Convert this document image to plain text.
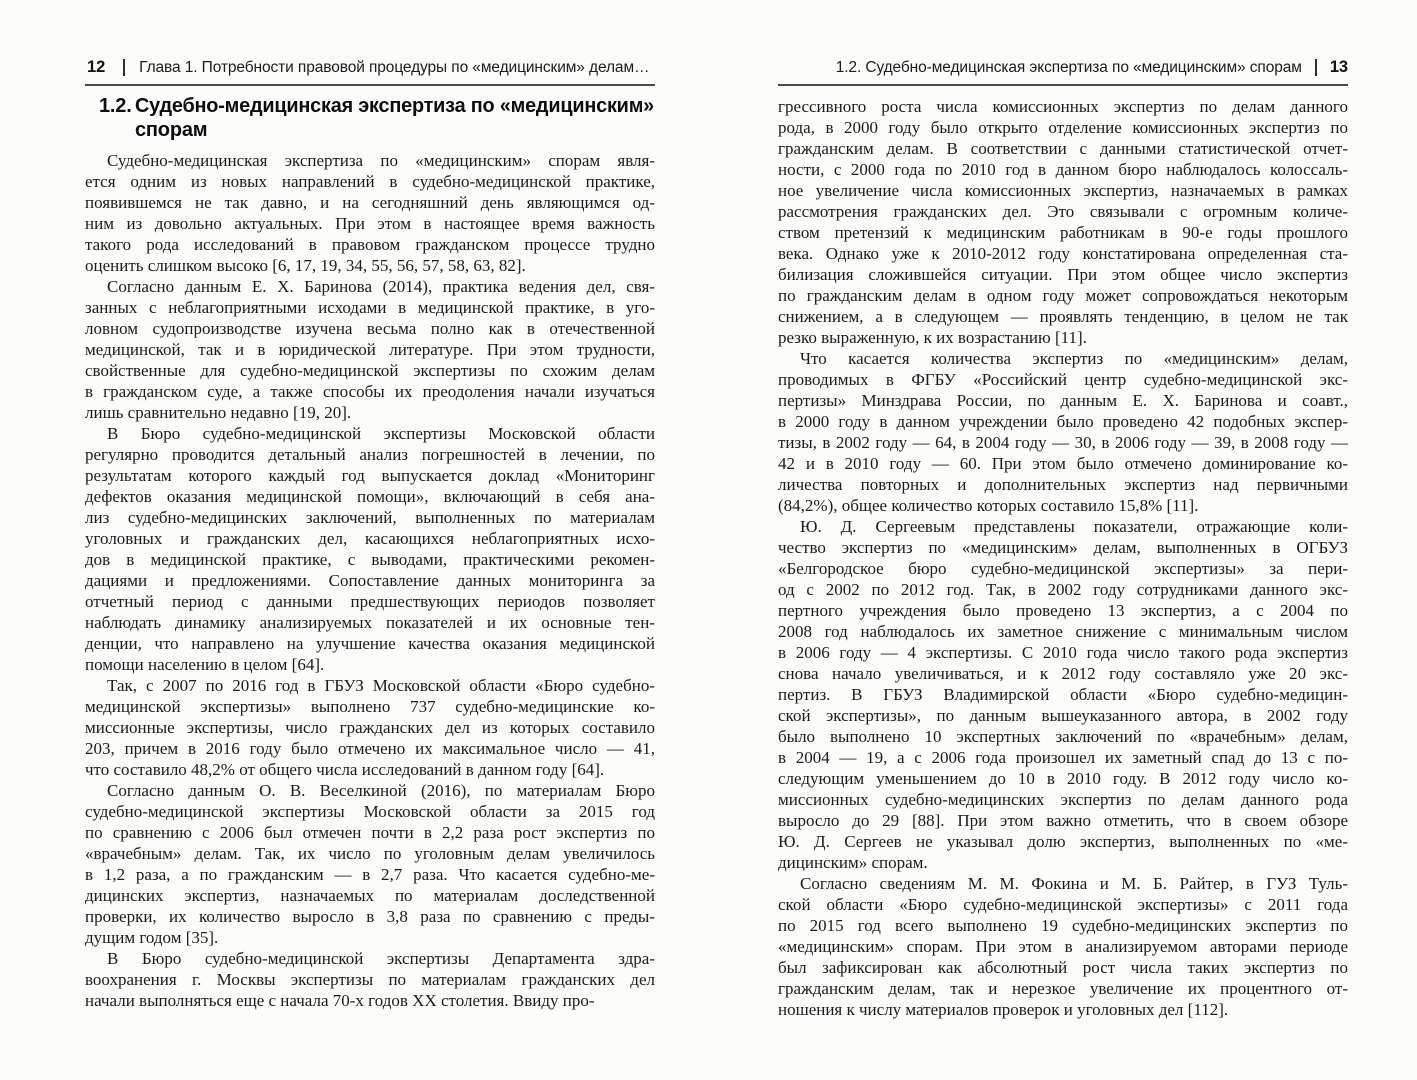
12 Глава 1. Потребности правовой процедуры по «медицинским» делам…
1.2. Судебно-медицинская экспертиза по «медицинским»
спорам
Судебно-медицинская экспертиза по «медицинским» спорам явля-
ется одним из новых направлений в судебно-медицинской практике,
появившемся не так давно, и на сегодняшний день являющимся од-
ним из довольно актуальных. При этом в настоящее время важность
такого рода исследований в правовом гражданском процессе трудно
оценить слишком высоко [6, 17, 19, 34, 55, 56, 57, 58, 63, 82].
Согласно данным Е. Х. Баринова (2014), практика ведения дел, свя-
занных с неблагоприятными исходами в медицинской практике, в уго-
ловном судопроизводстве изучена весьма полно как в отечественной
медицинской, так и в юридической литературе. При этом трудности,
свойственные для судебно-медицинской экспертизы по схожим делам
в гражданском суде, а также способы их преодоления начали изучаться
лишь сравнительно недавно [19, 20].
В Бюро судебно-медицинской экспертизы Московской области
регулярно проводится детальный анализ погрешностей в лечении, по
результатам которого каждый год выпускается доклад «Мониторинг
дефектов оказания медицинской помощи», включающий в себя ана-
лиз судебно-медицинских заключений, выполненных по материалам
уголовных и гражданских дел, касающихся неблагоприятных исхо-
дов в медицинской практике, с выводами, практическими рекомен-
дациями и предложениями. Сопоставление данных мониторинга за
отчетный период с данными предшествующих периодов позволяет
наблюдать динамику анализируемых показателей и их основные тен-
денции, что направлено на улучшение качества оказания медицинской
помощи населению в целом [64].
Так, с 2007 по 2016 год в ГБУЗ Московской области «Бюро судебно-
медицинской экспертизы» выполнено 737 судебно-медицинские ко-
миссионные экспертизы, число гражданских дел из которых составило
203, причем в 2016 году было отмечено их максимальное число — 41,
что составило 48,2% от общего числа исследований в данном году [64].
Согласно данным О. В. Веселкиной (2016), по материалам Бюро
судебно-медицинской экспертизы Московской области за 2015 год
по сравнению с 2006 был отмечен почти в 2,2 раза рост экспертиз по
«врачебным» делам. Так, их число по уголовным делам увеличилось
в 1,2 раза, а по гражданским — в 2,7 раза. Что касается судебно-ме-
дицинских экспертиз, назначаемых по материалам доследственной
проверки, их количество выросло в 3,8 раза по сравнению с преды-
дущим годом [35].
В Бюро судебно-медицинской экспертизы Департамента здра-
воохранения г. Москвы экспертизы по материалам гражданских дел
начали выполняться еще с начала 70-х годов XX столетия. Ввиду про-
1.2. Судебно-медицинская экспертиза по «медицинским» спорам 13
грессивного роста числа комиссионных экспертиз по делам данного
рода, в 2000 году было открыто отделение комиссионных экспертиз по
гражданским делам. В соответствии с данными статистической отчет-
ности, с 2000 года по 2010 год в данном бюро наблюдалось колоссаль-
ное увеличение числа комиссионных экспертиз, назначаемых в рамках
рассмотрения гражданских дел. Это связывали с огромным количе-
ством претензий к медицинским работникам в 90-е годы прошлого
века. Однако уже к 2010-2012 году констатирована определенная ста-
билизация сложившейся ситуации. При этом общее число экспертиз
по гражданским делам в одном году может сопровождаться некоторым
снижением, а в следующем — проявлять тенденцию, в целом не так
резко выраженную, к их возрастанию [11].
Что касается количества экспертиз по «медицинским» делам,
проводимых в ФГБУ «Российский центр судебно-медицинской экс-
пертизы» Минздрава России, по данным Е. Х. Баринова и соавт.,
в 2000 году в данном учреждении было проведено 42 подобных экспер-
тизы, в 2002 году — 64, в 2004 году — 30, в 2006 году — 39, в 2008 году —
42 и в 2010 году — 60. При этом было отмечено доминирование ко-
личества повторных и дополнительных экспертиз над первичными
(84,2%), общее количество которых составило 15,8% [11].
Ю. Д. Сергеевым представлены показатели, отражающие коли-
чество экспертиз по «медицинским» делам, выполненных в ОГБУЗ
«Белгородское бюро судебно-медицинской экспертизы» за пери-
од с 2002 по 2012 год. Так, в 2002 году сотрудниками данного экс-
пертного учреждения было проведено 13 экспертиз, а с 2004 по
2008 год наблюдалось их заметное снижение с минимальным числом
в 2006 году — 4 экспертизы. С 2010 года число такого рода экспертиз
снова начало увеличиваться, и к 2012 году составляло уже 20 экс-
пертиз. В ГБУЗ Владимирской области «Бюро судебно-медицин-
ской экспертизы», по данным вышеуказанного автора, в 2002 году
было выполнено 10 экспертных заключений по «врачебным» делам,
в 2004 — 19, а с 2006 года произошел их заметный спад до 13 с по-
следующим уменьшением до 10 в 2010 году. В 2012 году число ко-
миссионных судебно-медицинских экспертиз по делам данного рода
выросло до 29 [88]. При этом важно отметить, что в своем обзоре
Ю. Д. Сергеев не указывал долю экспертиз, выполненных по «ме-
дицинским» спорам.
Согласно сведениям М. М. Фокина и М. Б. Райтер, в ГУЗ Туль-
ской области «Бюро судебно-медицинской экспертизы» с 2011 года
по 2015 год всего выполнено 19 судебно-медицинских экспертиз по
«медицинским» спорам. При этом в анализируемом авторами периоде
был зафиксирован как абсолютный рост числа таких экспертиз по
гражданским делам, так и нерезкое увеличение их процентного от-
ношения к числу материалов проверок и уголовных дел [112].
